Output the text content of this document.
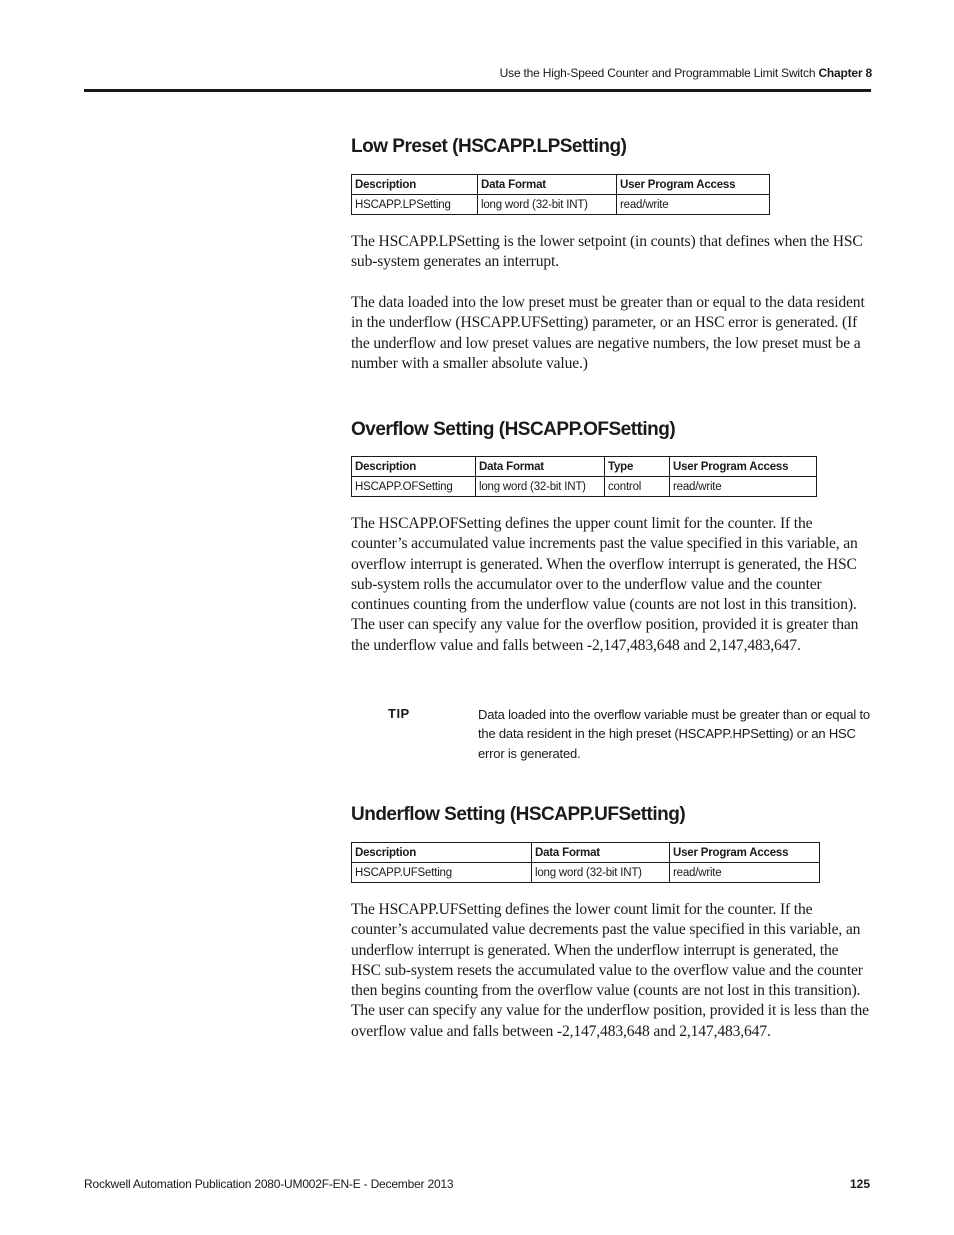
Use the High-Speed Counter and Programmable Limit Switch Chapter 8
Low Preset (HSCAPP.LPSetting)
Description	Data Format	User Program Access
HSCAPP.LPSetting	long word (32-bit INT)	read/write

The HSCAPP.LPSetting is the lower setpoint (in counts) that defines when the HSC sub-system generates an interrupt.

The data loaded into the low preset must be greater than or equal to the data resident in the underflow (HSCAPP.UFSetting) parameter, or an HSC error is generated. (If the underflow and low preset values are negative numbers, the low preset must be a number with a smaller absolute value.)

Overflow Setting (HSCAPP.OFSetting)
Description	Data Format	Type	User Program Access
HSCAPP.OFSetting	long word (32-bit INT)	control	read/write

The HSCAPP.OFSetting defines the upper count limit for the counter. If the counter’s accumulated value increments past the value specified in this variable, an overflow interrupt is generated. When the overflow interrupt is generated, the HSC sub-system rolls the accumulator over to the underflow value and the counter continues counting from the underflow value (counts are not lost in this transition). The user can specify any value for the overflow position, provided it is greater than the underflow value and falls between -2,147,483,648 and 2,147,483,647.

TIP	Data loaded into the overflow variable must be greater than or equal to the data resident in the high preset (HSCAPP.HPSetting) or an HSC error is generated.

Underflow Setting (HSCAPP.UFSetting)
Description	Data Format	User Program Access
HSCAPP.UFSetting	long word (32-bit INT)	read/write

The HSCAPP.UFSetting defines the lower count limit for the counter. If the counter’s accumulated value decrements past the value specified in this variable, an underflow interrupt is generated. When the underflow interrupt is generated, the HSC sub-system resets the accumulated value to the overflow value and the counter then begins counting from the overflow value (counts are not lost in this transition). The user can specify any value for the underflow position, provided it is less than the overflow value and falls between -2,147,483,648 and 2,147,483,647.

Rockwell Automation Publication 2080-UM002F-EN-E - December 2013	125
